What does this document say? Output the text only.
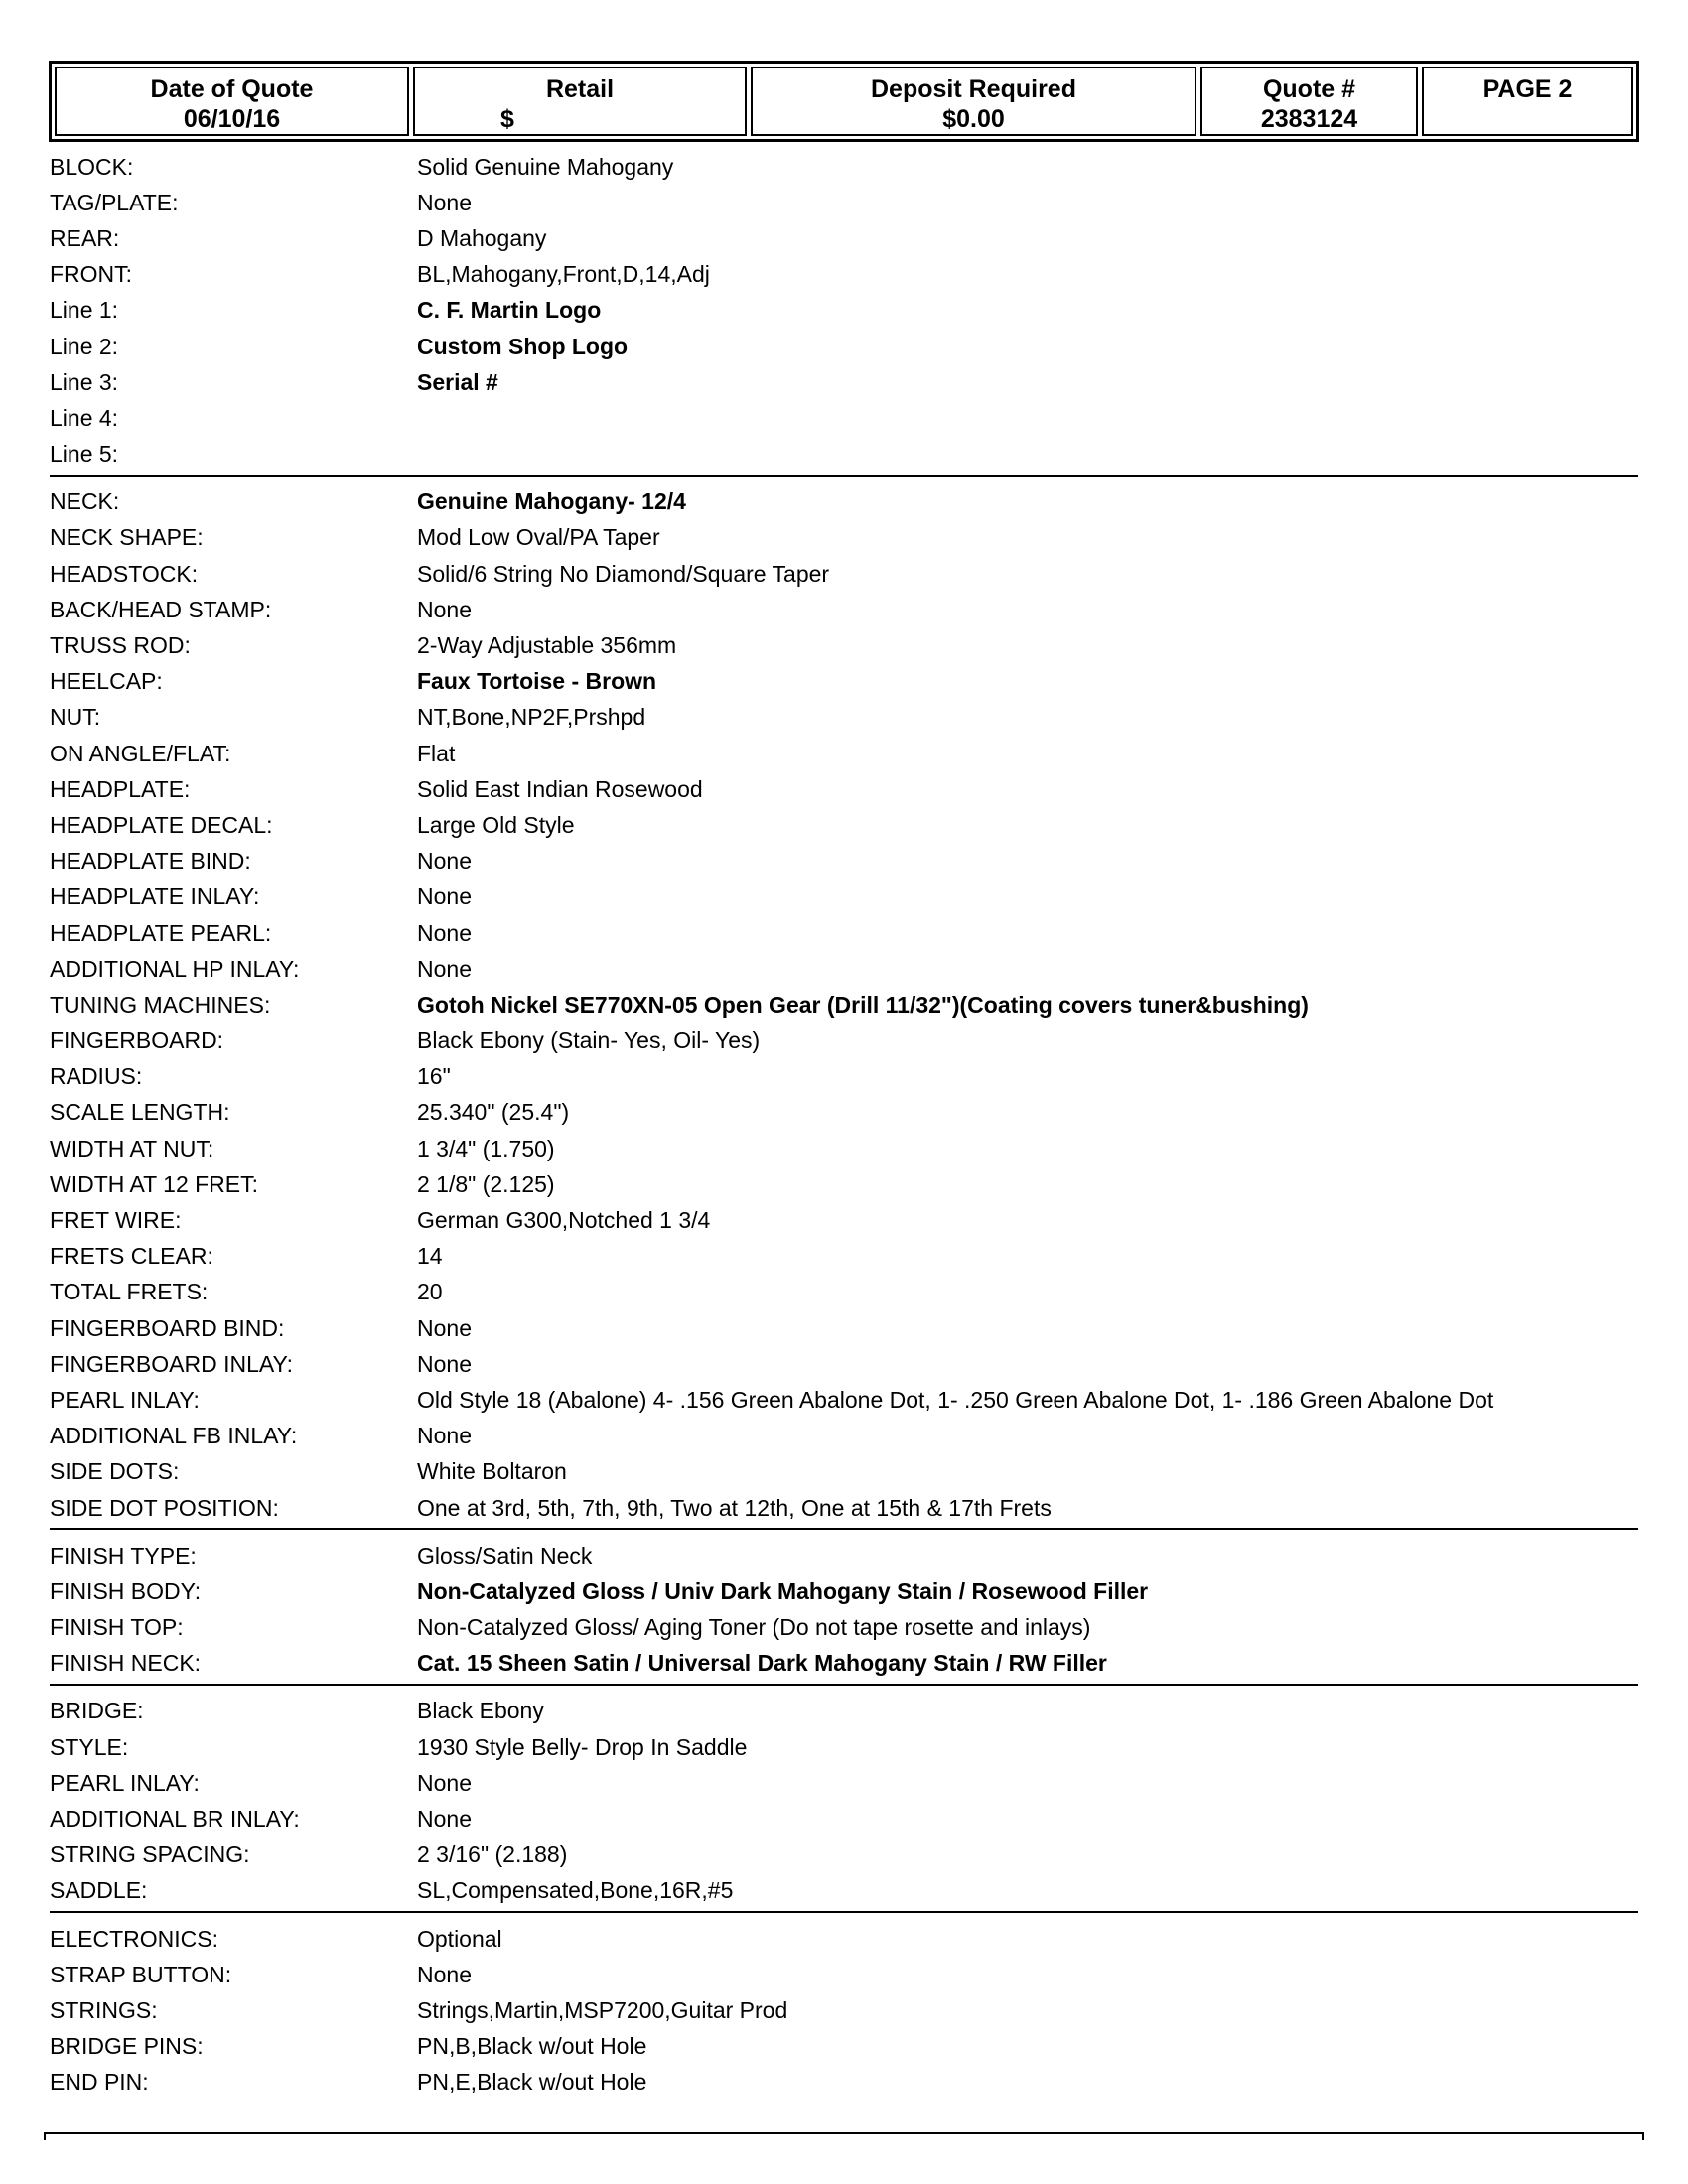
Date of Quote
06/10/16
Retail
$
Deposit Required
$0.00
Quote #
2383124
PAGE 2
BLOCK:	Solid Genuine Mahogany
TAG/PLATE:	None
REAR:	D Mahogany
FRONT:	BL,Mahogany,Front,D,14,Adj
Line 1:	C. F. Martin Logo
Line 2:	Custom Shop Logo
Line 3:	Serial #
Line 4:
Line 5:
NECK:	Genuine Mahogany- 12/4
NECK SHAPE:	Mod Low Oval/PA Taper
HEADSTOCK:	Solid/6 String No Diamond/Square Taper
BACK/HEAD STAMP:	None
TRUSS ROD:	2-Way Adjustable 356mm
HEELCAP:	Faux Tortoise - Brown
NUT:	NT,Bone,NP2F,Prshpd
ON ANGLE/FLAT:	Flat
HEADPLATE:	Solid East Indian Rosewood
HEADPLATE DECAL:	Large Old Style
HEADPLATE BIND:	None
HEADPLATE INLAY:	None
HEADPLATE PEARL:	None
ADDITIONAL HP INLAY:	None
TUNING MACHINES:	Gotoh Nickel SE770XN-05 Open Gear (Drill 11/32")(Coating covers tuner&bushing)
FINGERBOARD:	Black Ebony (Stain- Yes, Oil- Yes)
RADIUS:	16"
SCALE LENGTH:	25.340" (25.4")
WIDTH AT NUT:	1 3/4" (1.750)
WIDTH AT 12 FRET:	2 1/8" (2.125)
FRET WIRE:	German G300,Notched 1 3/4
FRETS CLEAR:	14
TOTAL FRETS:	20
FINGERBOARD BIND:	None
FINGERBOARD INLAY:	None
PEARL INLAY:	Old Style 18 (Abalone) 4- .156 Green Abalone Dot, 1- .250 Green Abalone Dot, 1- .186 Green Abalone Dot
ADDITIONAL FB INLAY:	None
SIDE DOTS:	White Boltaron
SIDE DOT POSITION:	One at 3rd, 5th, 7th, 9th, Two at 12th, One at 15th & 17th Frets
FINISH TYPE:	Gloss/Satin Neck
FINISH BODY:	Non-Catalyzed Gloss / Univ Dark Mahogany Stain / Rosewood Filler
FINISH TOP:	Non-Catalyzed Gloss/ Aging Toner (Do not tape rosette and inlays)
FINISH NECK:	Cat. 15 Sheen Satin / Universal Dark Mahogany Stain / RW Filler
BRIDGE:	Black Ebony
STYLE:	1930 Style Belly- Drop In Saddle
PEARL INLAY:	None
ADDITIONAL BR INLAY:	None
STRING SPACING:	2 3/16" (2.188)
SADDLE:	SL,Compensated,Bone,16R,#5
ELECTRONICS:	Optional
STRAP BUTTON:	None
STRINGS:	Strings,Martin,MSP7200,Guitar Prod
BRIDGE PINS:	PN,B,Black w/out Hole
END PIN:	PN,E,Black w/out Hole
